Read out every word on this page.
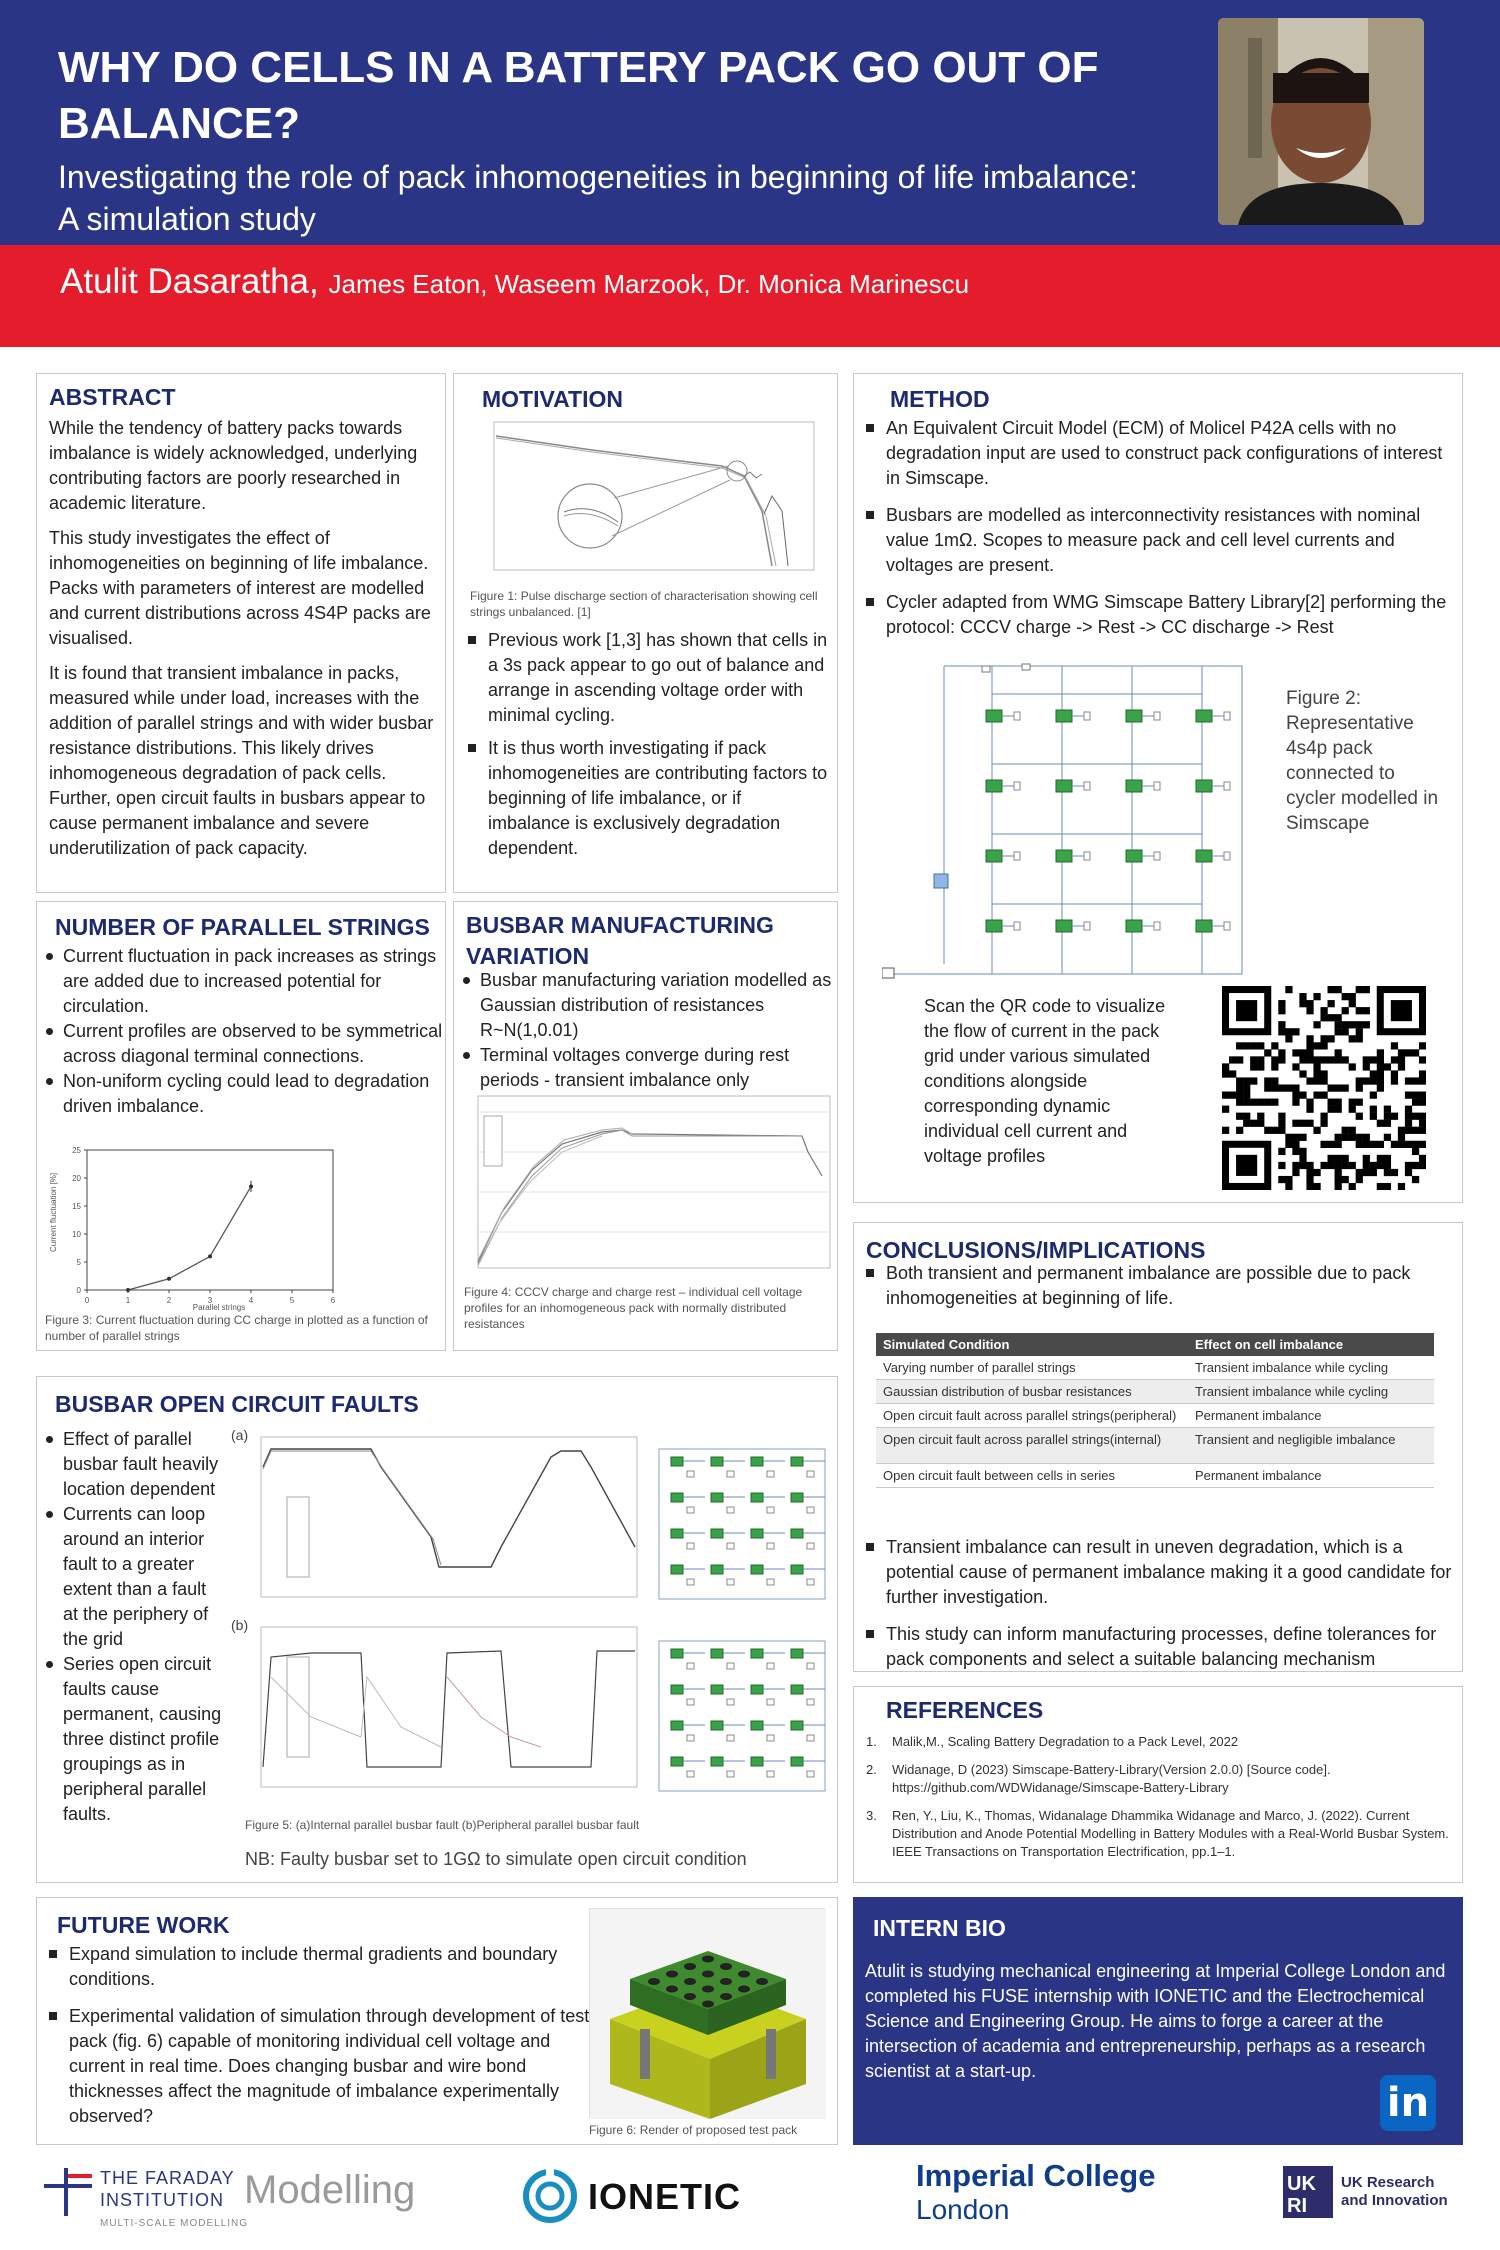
WHY DO CELLS IN A BATTERY PACK GO OUT OF BALANCE?
Investigating the role of pack inhomogeneities in beginning of life imbalance: A simulation study
Atulit Dasaratha, James Eaton, Waseem Marzook, Dr. Monica Marinescu
ABSTRACT

While the tendency of battery packs towards imbalance is widely acknowledged, underlying contributing factors are poorly researched in academic literature.

This study investigates the effect of inhomogeneities on beginning of life imbalance. Packs with parameters of interest are modelled and current distributions across 4S4P packs are visualised.

It is found that transient imbalance in packs, measured while under load, increases with the addition of parallel strings and with wider busbar resistance distributions. This likely drives inhomogeneous degradation of pack cells. Further, open circuit faults in busbars appear to cause permanent imbalance and severe underutilization of pack capacity.

MOTIVATION
Figure 1: Pulse discharge section of characterisation showing cell strings unbalanced. [1]
Previous work [1,3] has shown that cells in a 3s pack appear to go out of balance and arrange in ascending voltage order with minimal cycling.
It is thus worth investigating if pack inhomogeneities are contributing factors to beginning of life imbalance, or if imbalance is exclusively degradation dependent.
METHOD
An Equivalent Circuit Model (ECM) of Molicel P42A cells with no degradation input are used to construct pack configurations of interest in Simscape.
Busbars are modelled as interconnectivity resistances with nominal value 1mΩ. Scopes to measure pack and cell level currents and voltages are present.
Cycler adapted from WMG Simscape Battery Library[2] performing the protocol: CCCV charge -> Rest -> CC discharge -> Rest
Figure 2: Representative 4s4p pack connected to cycler modelled in Simscape
Scan the QR code to visualize the flow of current in the pack grid under various simulated conditions alongside corresponding dynamic individual cell current and voltage profiles
NUMBER OF PARALLEL STRINGS
Current fluctuation in pack increases as strings are added due to increased potential for circulation.
Current profiles are observed to be symmetrical across diagonal terminal connections.
Non-uniform cycling could lead to degradation driven imbalance.
Current fluctuation [%]
Parallel strings
0
5
10
15
20
25
0	1	2	3	4	5	6
Figure 3: Current fluctuation during CC charge in plotted as a function of number of parallel strings
BUSBAR MANUFACTURING VARIATION
Busbar manufacturing variation modelled as Gaussian distribution of resistances R~N(1,0.01)
Terminal voltages converge during rest periods - transient imbalance only
Figure 4: CCCV charge and charge rest – individual cell voltage profiles for an inhomogeneous pack with normally distributed resistances
CONCLUSIONS/IMPLICATIONS
Both transient and permanent imbalance are possible due to pack inhomogeneities at beginning of life.
Simulated Condition	Effect on cell imbalance
Varying number of parallel strings	Transient imbalance while cycling
Gaussian distribution of busbar resistances	Transient imbalance while cycling
Open circuit fault across parallel strings(peripheral)	Permanent imbalance
Open circuit fault across parallel strings(internal)	Transient and negligible imbalance
Open circuit fault between cells in series	Permanent imbalance
Transient imbalance can result in uneven degradation, which is a potential cause of permanent imbalance making it a good candidate for further investigation.
This study can inform manufacturing processes, define tolerances for pack components and select a suitable balancing mechanism
BUSBAR OPEN CIRCUIT FAULTS
Effect of parallel busbar fault heavily location dependent
Currents can loop around an interior fault to a greater extent than a fault at the periphery of the grid
Series open circuit faults cause permanent, causing three distinct profile groupings as in peripheral parallel faults.
(a)
(b)
Figure 5: (a)Internal parallel busbar fault (b)Peripheral parallel busbar fault
NB: Faulty busbar set to 1GΩ to simulate open circuit condition
REFERENCES
1. Malik,M., Scaling Battery Degradation to a Pack Level, 2022
2. Widanage, D (2023) Simscape-Battery-Library(Version 2.0.0) [Source code]. https://github.com/WDWidanage/Simscape-Battery-Library
3. Ren, Y., Liu, K., Thomas, Widanalage Dhammika Widanage and Marco, J. (2022). Current Distribution and Anode Potential Modelling in Battery Modules with a Real-World Busbar System. IEEE Transactions on Transportation Electrification, pp.1–1.
FUTURE WORK
Expand simulation to include thermal gradients and boundary conditions.
Experimental validation of simulation through development of test pack (fig. 6) capable of monitoring individual cell voltage and current in real time. Does changing busbar and wire bond thicknesses affect the magnitude of imbalance experimentally observed?
Figure 6: Render of proposed test pack
INTERN BIO
Atulit is studying mechanical engineering at Imperial College London and completed his FUSE internship with IONETIC and the Electrochemical Science and Engineering Group. He aims to forge a career at the intersection of academia and entrepreneurship, perhaps as a research scientist at a start-up.
in
THE FARADAY
INSTITUTION
MULTI-SCALE MODELLING
Modelling	IONETIC
Imperial College
London
UK
RI
UK Research
and Innovation
